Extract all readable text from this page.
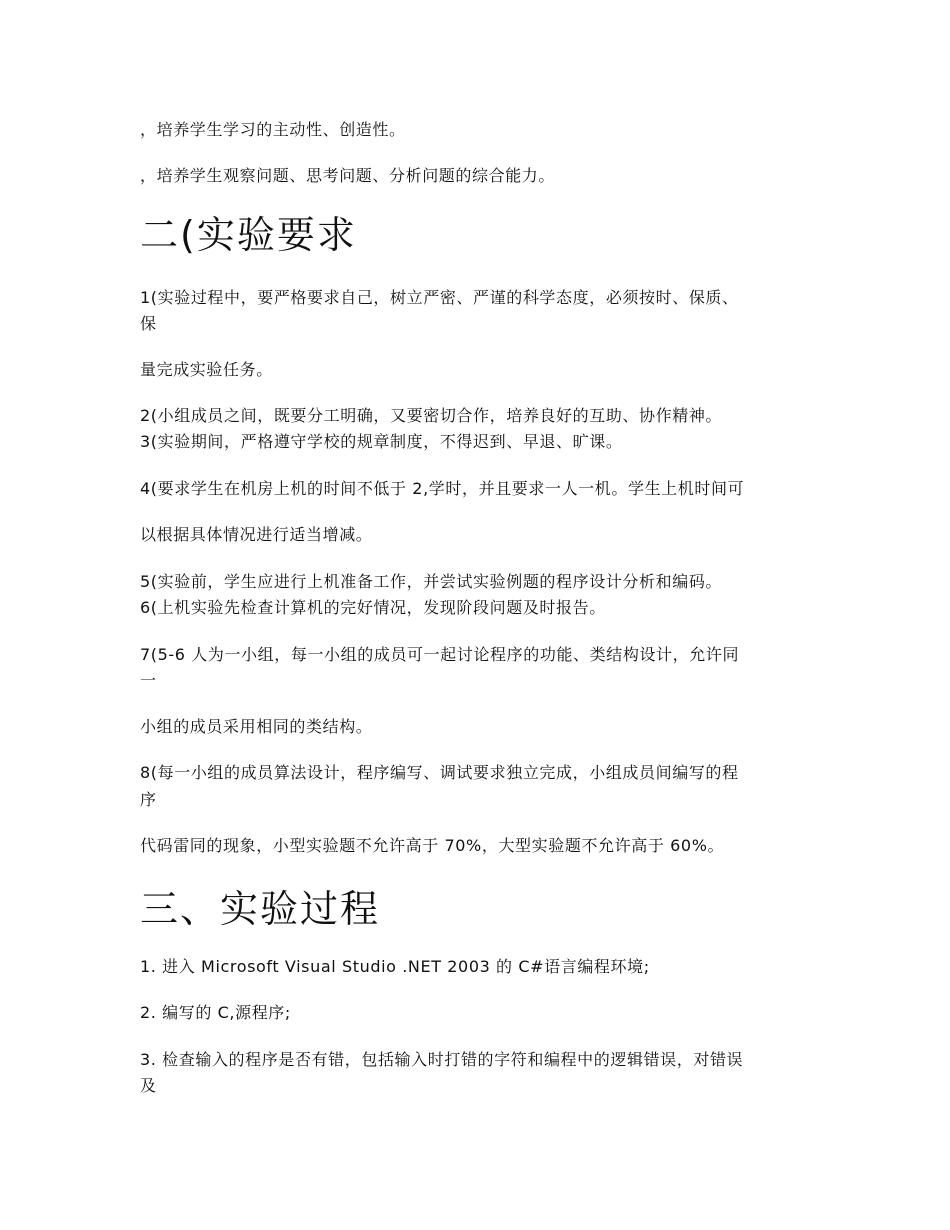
，培养学生学习的主动性、创造性。

，培养学生观察问题、思考问题、分析问题的综合能力。

二(实验要求

1(实验过程中，要严格要求自己，树立严密、严谨的科学态度，必须按时、保质、

保

量完成实验任务。

2(小组成员之间，既要分工明确，又要密切合作，培养良好的互助、协作精神。

3(实验期间，严格遵守学校的规章制度，不得迟到、早退、旷课。

4(要求学生在机房上机的时间不低于 2,学时，并且要求一人一机。学生上机时间可

以根据具体情况进行适当增减。

5(实验前，学生应进行上机准备工作，并尝试实验例题的程序设计分析和编码。

6(上机实验先检查计算机的完好情况，发现阶段问题及时报告。

7(5-6 人为一小组，每一小组的成员可一起讨论程序的功能、类结构设计，允许同

一

小组的成员采用相同的类结构。

8(每一小组的成员算法设计，程序编写、调试要求独立完成，小组成员间编写的程

序

代码雷同的现象，小型实验题不允许高于 70%，大型实验题不允许高于 60%。

三、实验过程

1. 进入 Microsoft Visual Studio .NET 2003 的 C#语言编程环境;

2. 编写的 C,源程序;

3. 检查输入的程序是否有错，包括输入时打错的字符和编程中的逻辑错误，对错误

及
